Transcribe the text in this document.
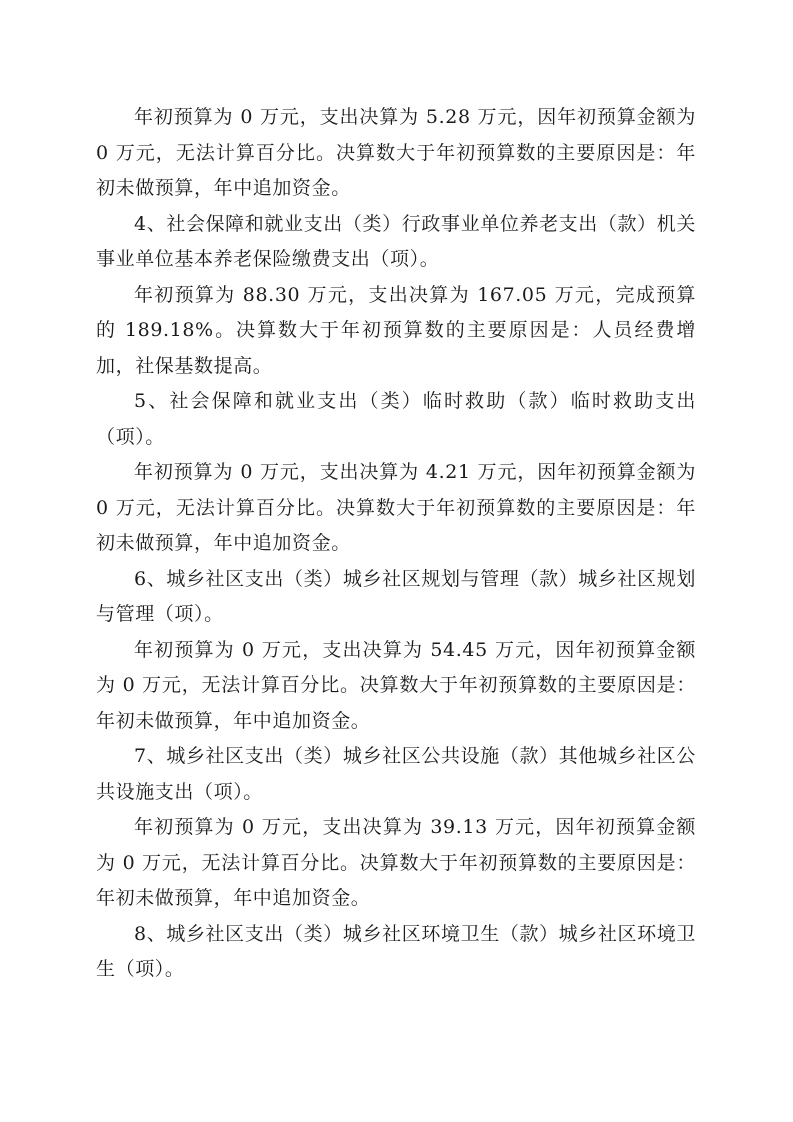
年初预算为 0 万元，支出决算为 5.28 万元，因年初预算金额为 0 万元，无法计算百分比。决算数大于年初预算数的主要原因是：年初未做预算，年中追加资金。

4、社会保障和就业支出（类）行政事业单位养老支出（款）机关事业单位基本养老保险缴费支出（项）。

年初预算为 88.30 万元，支出决算为 167.05 万元，完成预算的 189.18%。决算数大于年初预算数的主要原因是：人员经费增加，社保基数提高。

5、社会保障和就业支出（类）临时救助（款）临时救助支出（项）。

年初预算为 0 万元，支出决算为 4.21 万元，因年初预算金额为 0 万元，无法计算百分比。决算数大于年初预算数的主要原因是：年初未做预算，年中追加资金。

6、城乡社区支出（类）城乡社区规划与管理（款）城乡社区规划与管理（项）。

年初预算为 0 万元，支出决算为 54.45 万元，因年初预算金额为 0 万元，无法计算百分比。决算数大于年初预算数的主要原因是：年初未做预算，年中追加资金。

7、城乡社区支出（类）城乡社区公共设施（款）其他城乡社区公共设施支出（项）。

年初预算为 0 万元，支出决算为 39.13 万元，因年初预算金额为 0 万元，无法计算百分比。决算数大于年初预算数的主要原因是：年初未做预算，年中追加资金。

8、城乡社区支出（类）城乡社区环境卫生（款）城乡社区环境卫生（项）。
